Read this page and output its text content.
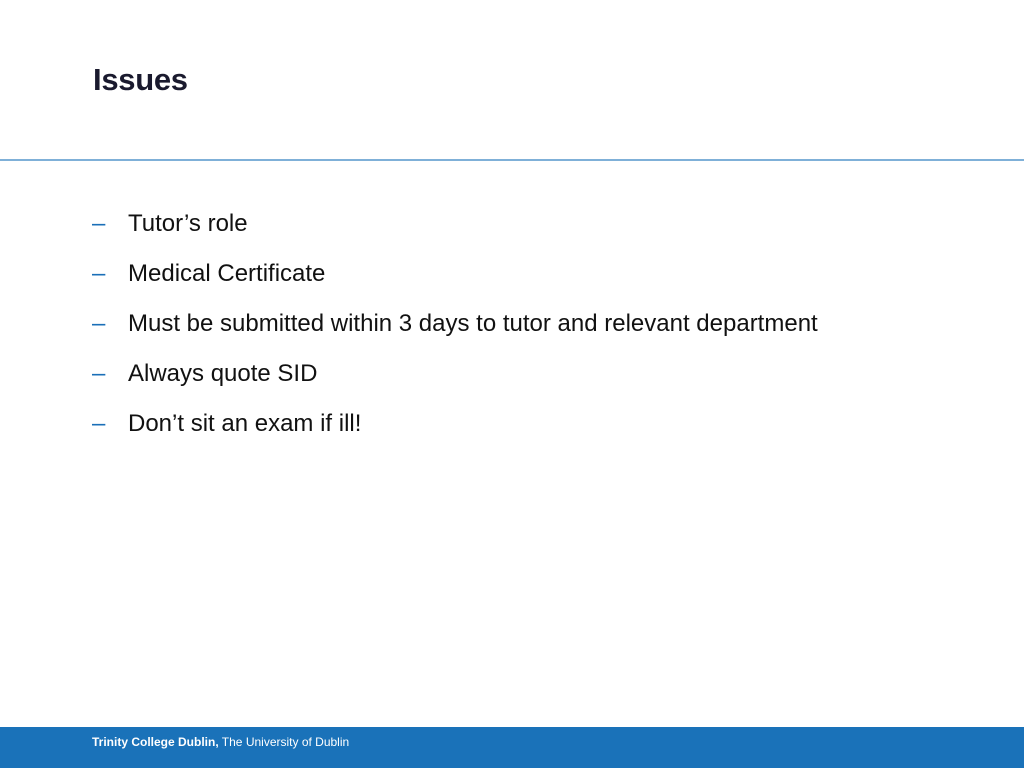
Issues
– Tutor’s role
– Medical Certificate
– Must be submitted within 3 days to tutor and relevant department
– Always quote SID
– Don’t sit an exam if ill!
Trinity College Dublin, The University of Dublin
